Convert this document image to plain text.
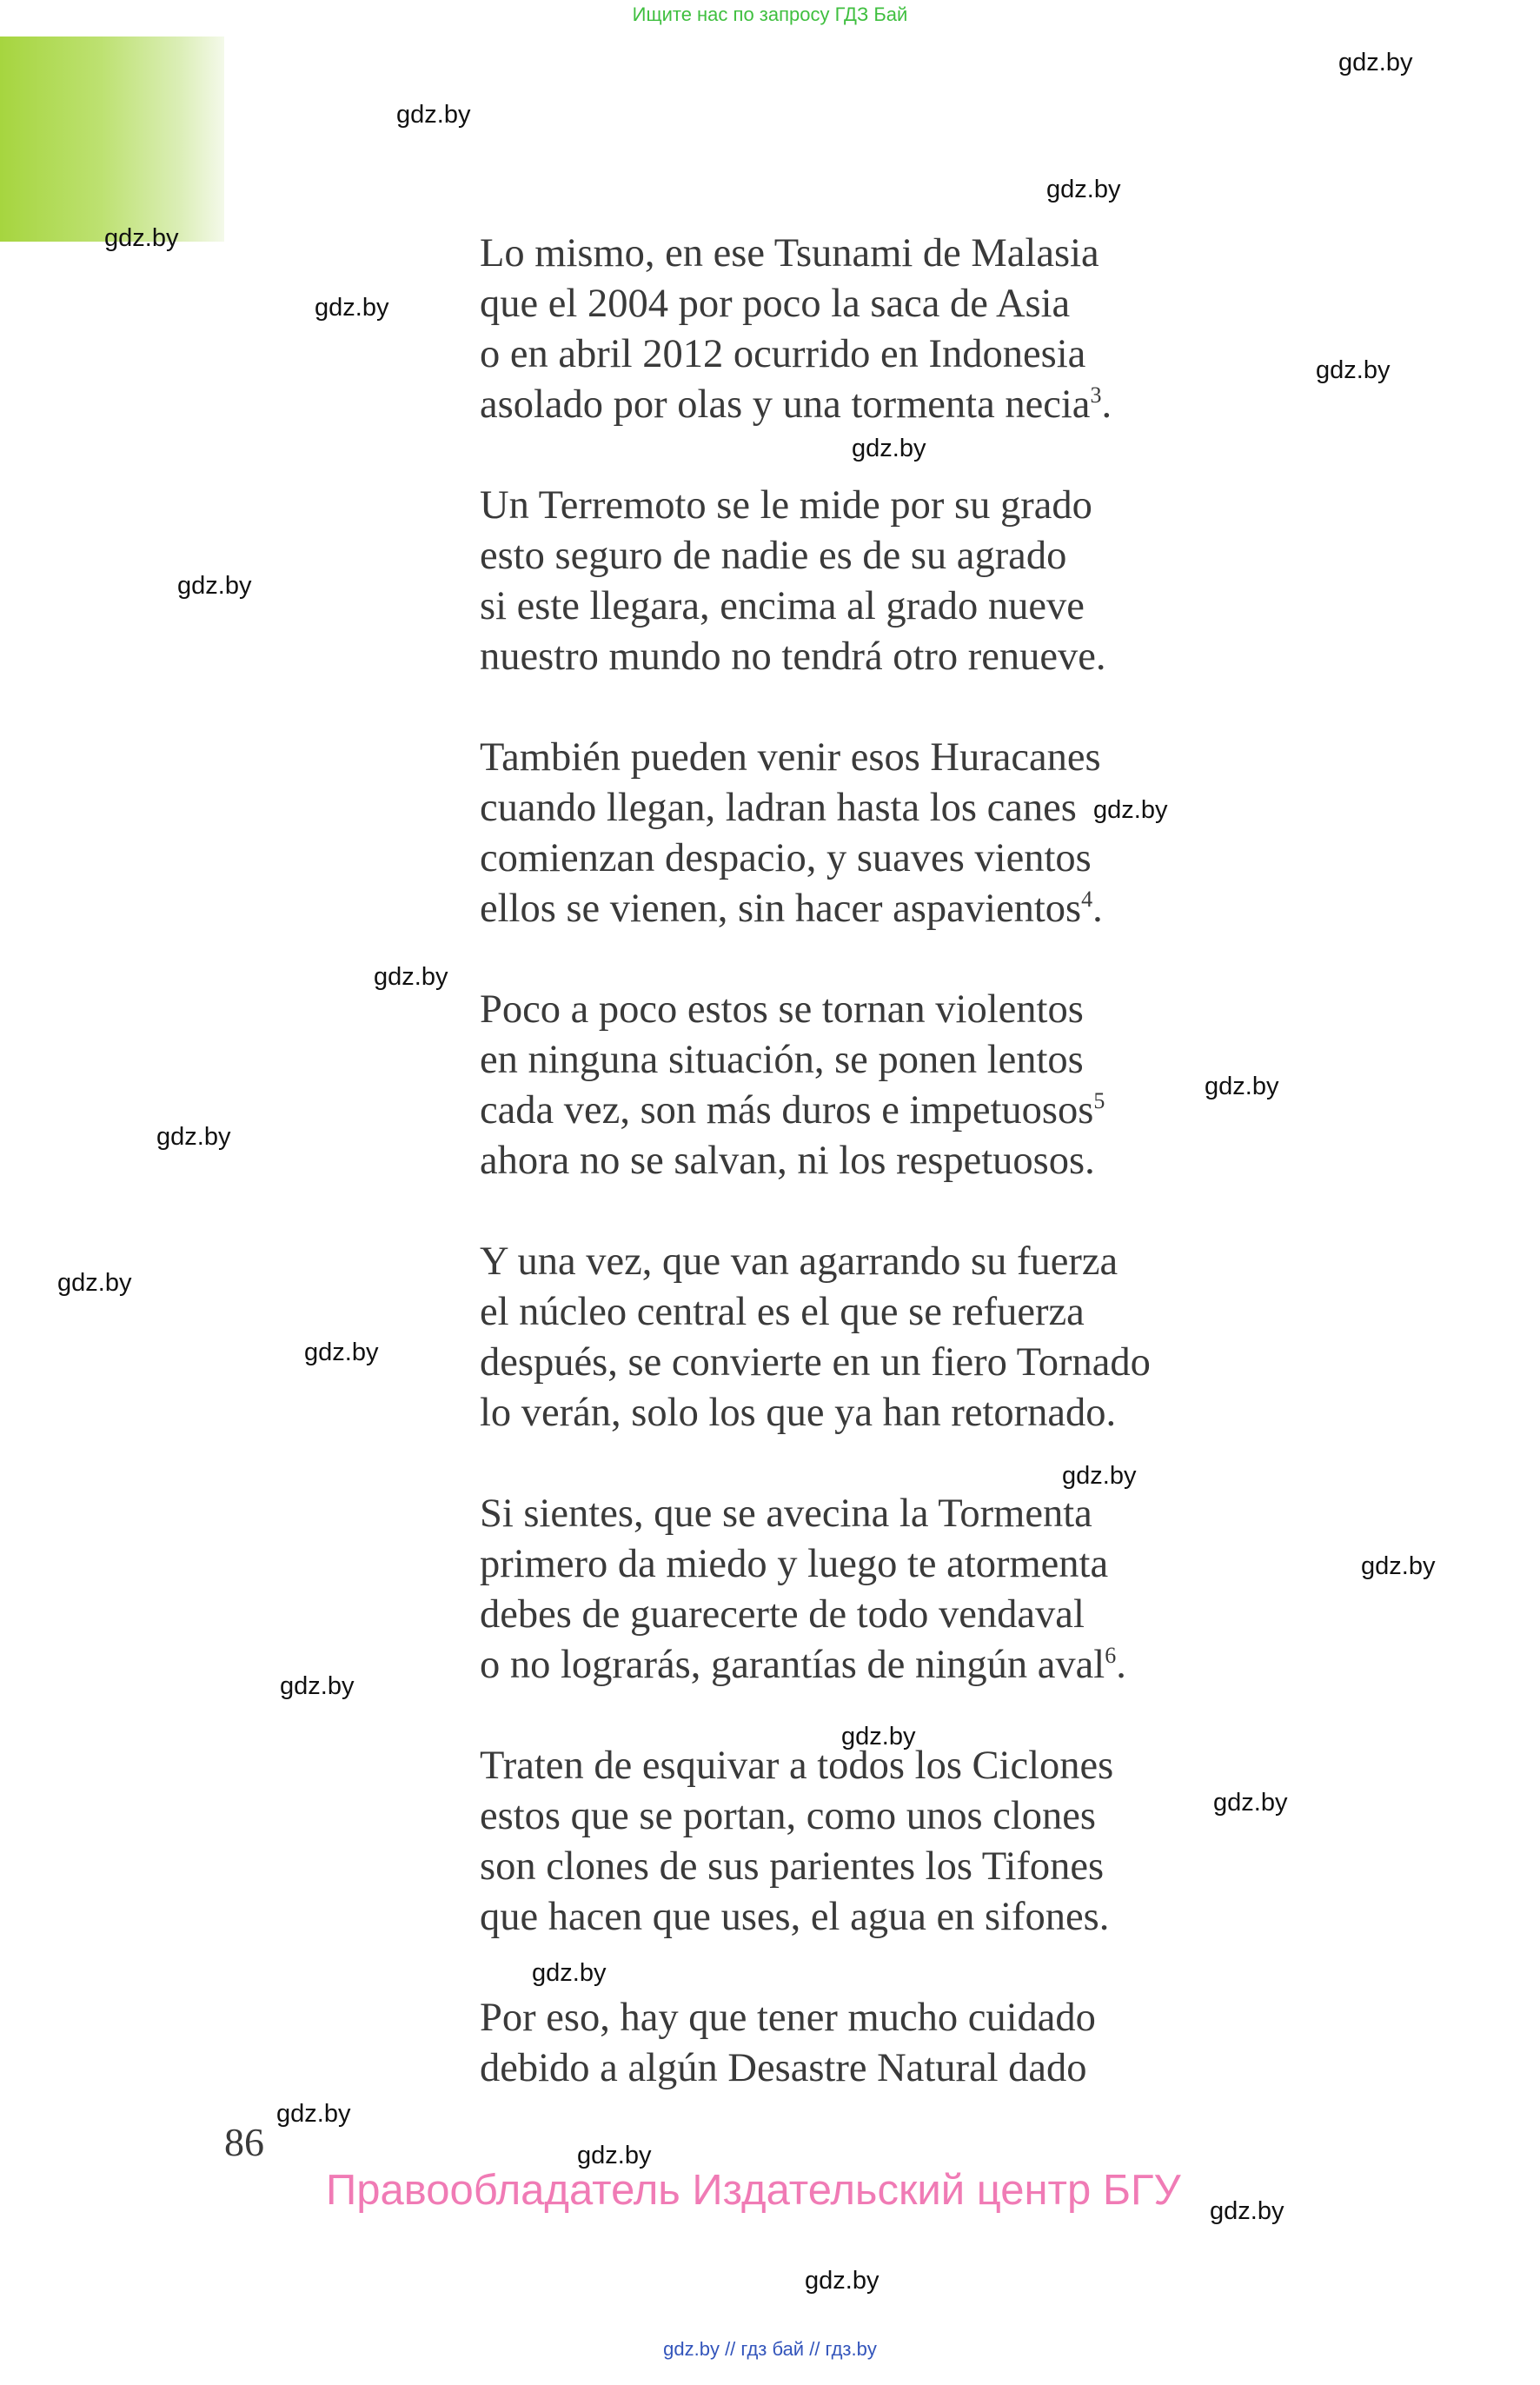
Ищите нас по запросу ГДЗ Бай
Lo mismo, en ese Tsunami de Malasia
que el 2004 por poco la saca de Asia
o en abril 2012 ocurrido en Indonesia
asolado por olas y una tormenta necia$^3$.
Un Terremoto se le mide por su grado
esto seguro de nadie es de su agrado
si este llegara, encima al grado nueve
nuestro mundo no tendrá otro renueve.
También pueden venir esos Huracanes
cuando llegan, ladran hasta los canes
comienzan despacio, y suaves vientos
ellos se vienen, sin hacer aspavientos$^4$.
Poco a poco estos se tornan violentos
en ninguna situación, se ponen lentos
cada vez, son más duros e impetuosos$^5$
ahora no se salvan, ni los respetuosos.
Y una vez, que van agarrando su fuerza
el núcleo central es el que se refuerza
después, se convierte en un fiero Tornado
lo verán, solo los que ya han retornado.
Si sientes, que se avecina la Tormenta
primero da miedo y luego te atormenta
debes de guarecerte de todo vendaval
o no lograrás, garantías de ningún aval$^6$.
Traten de esquivar a todos los Ciclones
estos que se portan, como unos clones
son clones de sus parientes los Tifones
que hacen que uses, el agua en sifones.
Por eso, hay que tener mucho cuidado
debido a algún Desastre Natural dado
86
Правообладатель Издательский центр БГУ
gdz.by
gdz.by
gdz.by
gdz.by
gdz.by
gdz.by
gdz.by
gdz.by
gdz.by
gdz.by
gdz.by
gdz.by
gdz.by
gdz.by
gdz.by
gdz.by
gdz.by
gdz.by
gdz.by
gdz.by
gdz.by
gdz.by
gdz.by
gdz.by
gdz.by // гдз бай // гдз.by
